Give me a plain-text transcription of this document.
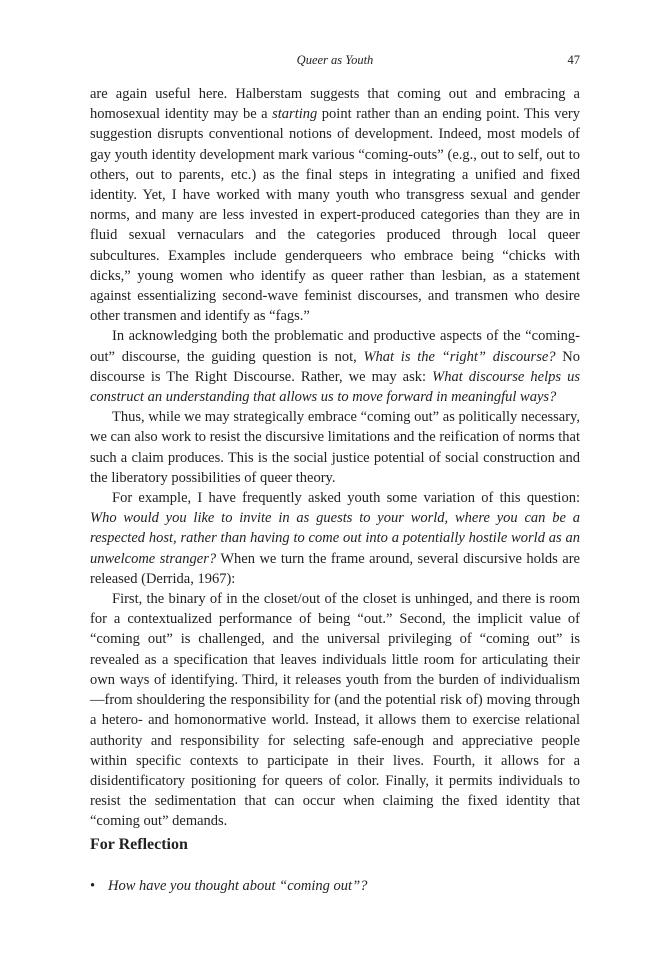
Queer as Youth	47

are again useful here. Halberstam suggests that coming out and embracing a homosexual identity may be a starting point rather than an ending point. This very suggestion disrupts conventional notions of development. Indeed, most models of gay youth identity development mark various “coming-outs” (e.g., out to self, out to others, out to parents, etc.) as the final steps in integrating a unified and fixed identity. Yet, I have worked with many youth who transgress sexual and gender norms, and many are less invested in expert-produced categories than they are in fluid sexual vernaculars and the categories produced through local queer subcultures. Examples include genderqueers who embrace being “chicks with dicks,” young women who identify as queer rather than lesbian, as a statement against essentializing second-wave feminist discourses, and transmen who desire other transmen and identify as “fags.”

In acknowledging both the problematic and productive aspects of the “coming-out” discourse, the guiding question is not, What is the “right” discourse? No discourse is The Right Discourse. Rather, we may ask: What discourse helps us construct an understanding that allows us to move forward in meaningful ways?

Thus, while we may strategically embrace “coming out” as politically necessary, we can also work to resist the discursive limitations and the reification of norms that such a claim produces. This is the social justice potential of social construction and the liberatory possibilities of queer theory.

For example, I have frequently asked youth some variation of this question: Who would you like to invite in as guests to your world, where you can be a respected host, rather than having to come out into a potentially hostile world as an unwelcome stranger? When we turn the frame around, several discursive holds are released (Derrida, 1967):

First, the binary of in the closet/out of the closet is unhinged, and there is room for a contextualized performance of being “out.” Second, the implicit value of “coming out” is challenged, and the universal privileging of “coming out” is revealed as a specification that leaves individuals little room for articulating their own ways of identifying. Third, it releases youth from the burden of individualism—from shouldering the responsibility for (and the potential risk of) moving through a hetero- and homonormative world. Instead, it allows them to exercise relational authority and responsibility for selecting safe-enough and appreciative people within specific contexts to participate in their lives. Fourth, it allows for a disidentificatory positioning for queers of color. Finally, it permits individuals to resist the sedimentation that can occur when claiming the fixed identity that “coming out” demands.

For Reflection
• How have you thought about “coming out”?
